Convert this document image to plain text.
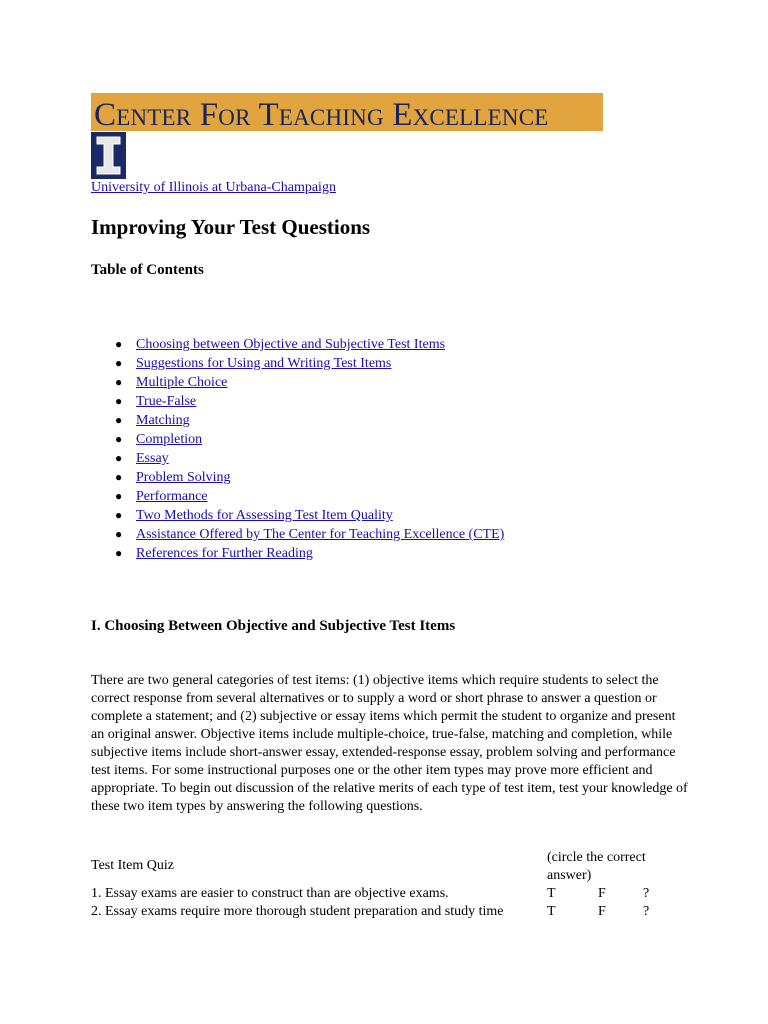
Center For Teaching Excellence
University of Illinois at Urbana-Champaign
Improving Your Test Questions
Table of Contents
● Choosing between Objective and Subjective Test Items
● Suggestions for Using and Writing Test Items
● Multiple Choice
● True-False
● Matching
● Completion
● Essay
● Problem Solving
● Performance
● Two Methods for Assessing Test Item Quality
● Assistance Offered by The Center for Teaching Excellence (CTE)
● References for Further Reading
I. Choosing Between Objective and Subjective Test Items

There are two general categories of test items: (1) objective items which require students to select the correct response from several alternatives or to supply a word or short phrase to answer a question or complete a statement; and (2) subjective or essay items which permit the student to organize and present an original answer. Objective items include multiple-choice, true-false, matching and completion, while subjective items include short-answer essay, extended-response essay, problem solving and performance test items. For some instructional purposes one or the other item types may prove more efficient and appropriate. To begin out discussion of the relative merits of each type of test item, test your knowledge of these two item types by answering the following questions.

Test Item Quiz
(circle the correct answer)
1. Essay exams are easier to construct than are objective exams.	T	F	?
2. Essay exams require more thorough student preparation and study time	T	F	?
